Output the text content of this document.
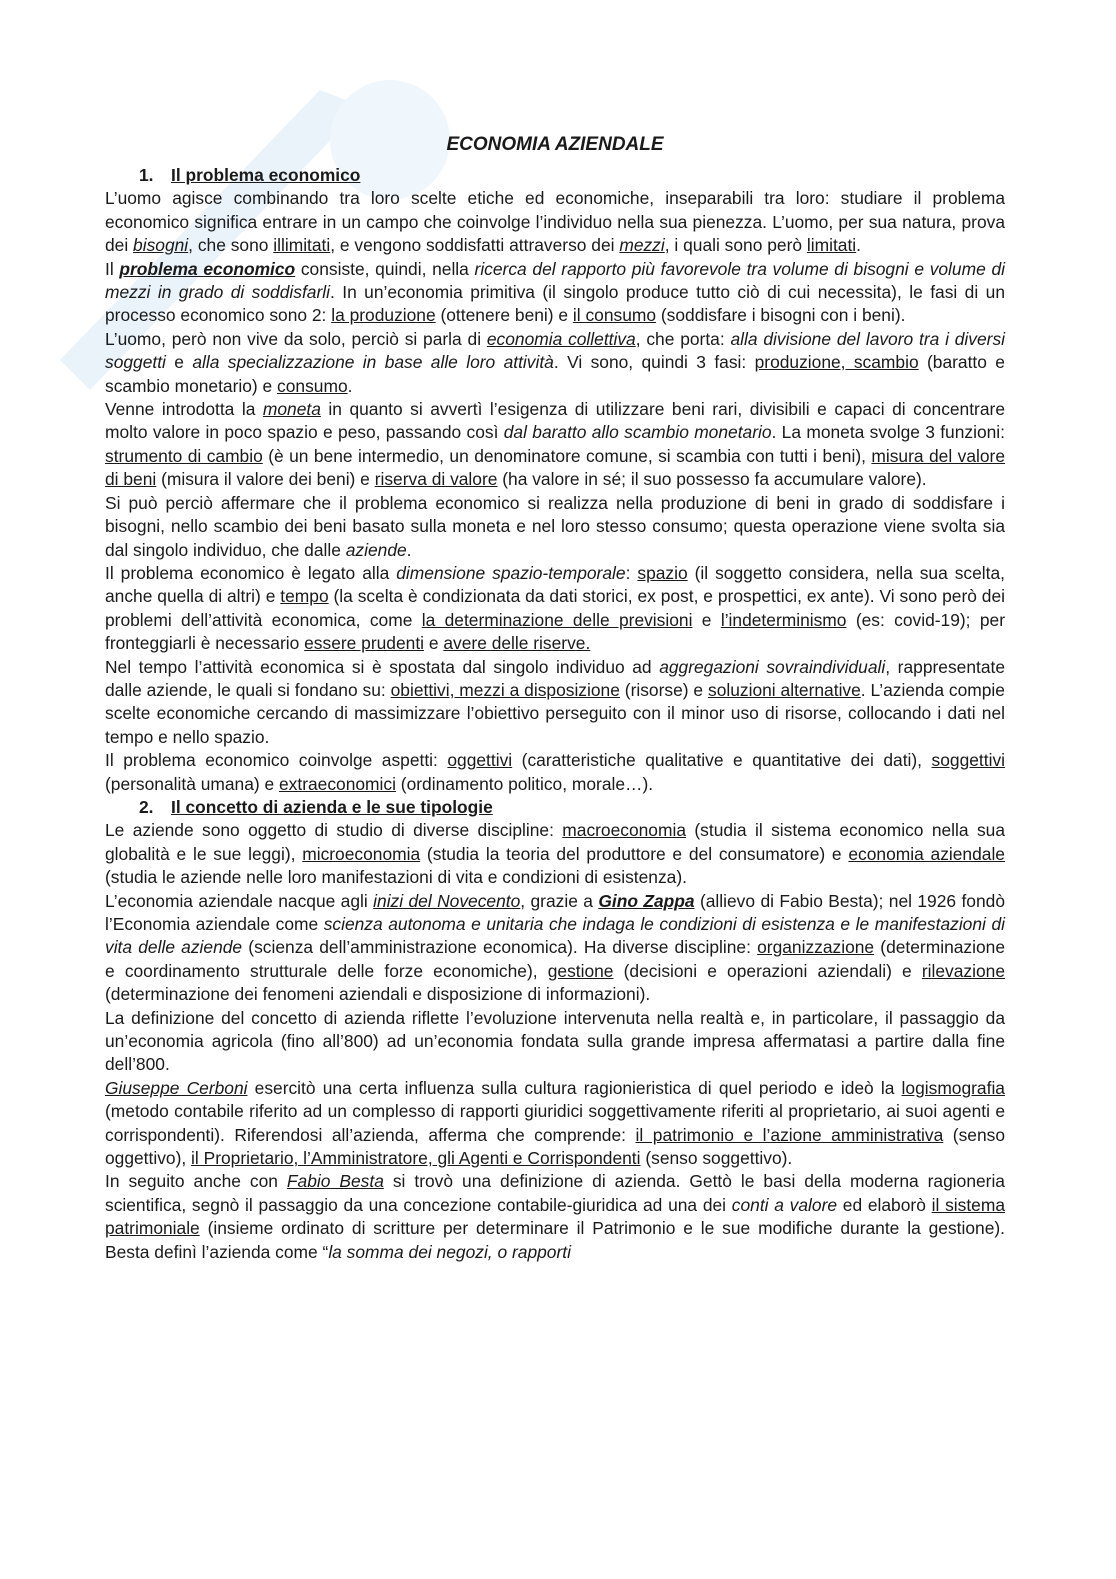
ECONOMIA AZIENDALE
1. Il problema economico

L’uomo agisce combinando tra loro scelte etiche ed economiche, inseparabili tra loro: studiare il problema economico significa entrare in un campo che coinvolge l’individuo nella sua pienezza. L’uomo, per sua natura, prova dei bisogni, che sono illimitati, e vengono soddisfatti attraverso dei mezzi, i quali sono però limitati.

Il problema economico consiste, quindi, nella ricerca del rapporto più favorevole tra volume di bisogni e volume di mezzi in grado di soddisfarli. In un’economia primitiva (il singolo produce tutto ciò di cui necessita), le fasi di un processo economico sono 2: la produzione (ottenere beni) e il consumo (soddisfare i bisogni con i beni).

L’uomo, però non vive da solo, perciò si parla di economia collettiva, che porta: alla divisione del lavoro tra i diversi soggetti e alla specializzazione in base alle loro attività. Vi sono, quindi 3 fasi: produzione, scambio (baratto e scambio monetario) e consumo.

Venne introdotta la moneta in quanto si avvertì l’esigenza di utilizzare beni rari, divisibili e capaci di concentrare molto valore in poco spazio e peso, passando così dal baratto allo scambio monetario. La moneta svolge 3 funzioni: strumento di cambio (è un bene intermedio, un denominatore comune, si scambia con tutti i beni), misura del valore di beni (misura il valore dei beni) e riserva di valore (ha valore in sé; il suo possesso fa accumulare valore).

Si può perciò affermare che il problema economico si realizza nella produzione di beni in grado di soddisfare i bisogni, nello scambio dei beni basato sulla moneta e nel loro stesso consumo; questa operazione viene svolta sia dal singolo individuo, che dalle aziende.

Il problema economico è legato alla dimensione spazio-temporale: spazio (il soggetto considera, nella sua scelta, anche quella di altri) e tempo (la scelta è condizionata da dati storici, ex post, e prospettici, ex ante). Vi sono però dei problemi dell’attività economica, come la determinazione delle previsioni e l’indeterminismo (es: covid-19); per fronteggiarli è necessario essere prudenti e avere delle riserve.

Nel tempo l’attività economica si è spostata dal singolo individuo ad aggregazioni sovraindividuali, rappresentate dalle aziende, le quali si fondano su: obiettivi, mezzi a disposizione (risorse) e soluzioni alternative. L’azienda compie scelte economiche cercando di massimizzare l’obiettivo perseguito con il minor uso di risorse, collocando i dati nel tempo e nello spazio.

Il problema economico coinvolge aspetti: oggettivi (caratteristiche qualitative e quantitative dei dati), soggettivi (personalità umana) e extraeconomici (ordinamento politico, morale…).

2. Il concetto di azienda e le sue tipologie

Le aziende sono oggetto di studio di diverse discipline: macroeconomia (studia il sistema economico nella sua globalità e le sue leggi), microeconomia (studia la teoria del produttore e del consumatore) e economia aziendale (studia le aziende nelle loro manifestazioni di vita e condizioni di esistenza).

L’economia aziendale nacque agli inizi del Novecento, grazie a Gino Zappa (allievo di Fabio Besta); nel 1926 fondò l’Economia aziendale come scienza autonoma e unitaria che indaga le condizioni di esistenza e le manifestazioni di vita delle aziende (scienza dell’amministrazione economica). Ha diverse discipline: organizzazione (determinazione e coordinamento strutturale delle forze economiche), gestione (decisioni e operazioni aziendali) e rilevazione (determinazione dei fenomeni aziendali e disposizione di informazioni).

La definizione del concetto di azienda riflette l’evoluzione intervenuta nella realtà e, in particolare, il passaggio da un’economia agricola (fino all’800) ad un’economia fondata sulla grande impresa affermatasi a partire dalla fine dell’800.

Giuseppe Cerboni esercitò una certa influenza sulla cultura ragionieristica di quel periodo e ideò la logismografia (metodo contabile riferito ad un complesso di rapporti giuridici soggettivamente riferiti al proprietario, ai suoi agenti e corrispondenti). Riferendosi all’azienda, afferma che comprende: il patrimonio e l’azione amministrativa (senso oggettivo), il Proprietario, l’Amministratore, gli Agenti e Corrispondenti (senso soggettivo).

In seguito anche con Fabio Besta si trovò una definizione di azienda. Gettò le basi della moderna ragioneria scientifica, segnò il passaggio da una concezione contabile-giuridica ad una dei conti a valore ed elaborò il sistema patrimoniale (insieme ordinato di scritture per determinare il Patrimonio e le sue modifiche durante la gestione). Besta definì l’azienda come “la somma dei negozi, o rapporti
